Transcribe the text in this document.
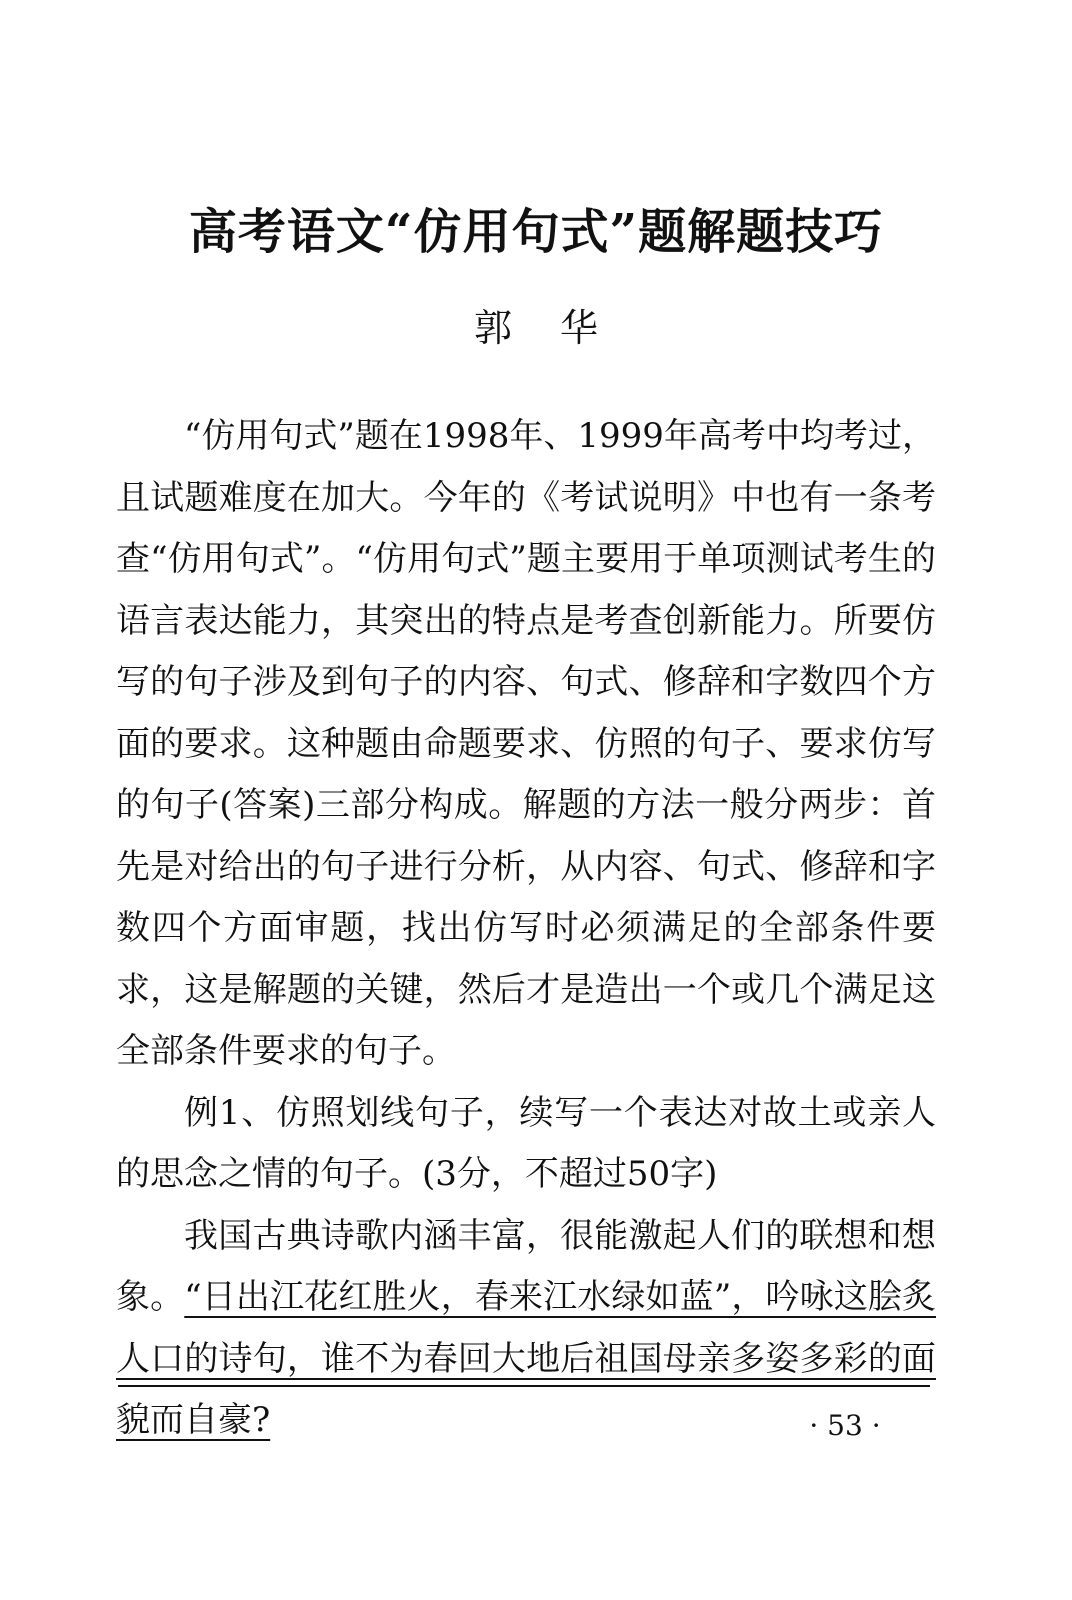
高考语文“仿用句式”题解题技巧
郭华

“仿用句式”题在1998年、1999年高考中均考过，且试题难度在加大。今年的《考试说明》中也有一条考查“仿用句式”。“仿用句式”题主要用于单项测试考生的语言表达能力，其突出的特点是考查创新能力。所要仿写的句子涉及到句子的内容、句式、修辞和字数四个方面的要求。这种题由命题要求、仿照的句子、要求仿写的句子(答案)三部分构成。解题的方法一般分两步：首先是对给出的句子进行分析，从内容、句式、修辞和字数四个方面审题，找出仿写时必须满足的全部条件要求，这是解题的关键，然后才是造出一个或几个满足这全部条件要求的句子。

例1、仿照划线句子，续写一个表达对故土或亲人的思念之情的句子。(3分，不超过50字)

我国古典诗歌内涵丰富，很能激起人们的联想和想象。“日出江花红胜火，春来江水绿如蓝”，吟咏这脍炙人口的诗句，谁不为春回大地后祖国母亲多姿多彩的面貌而自豪?	· 53 ·
